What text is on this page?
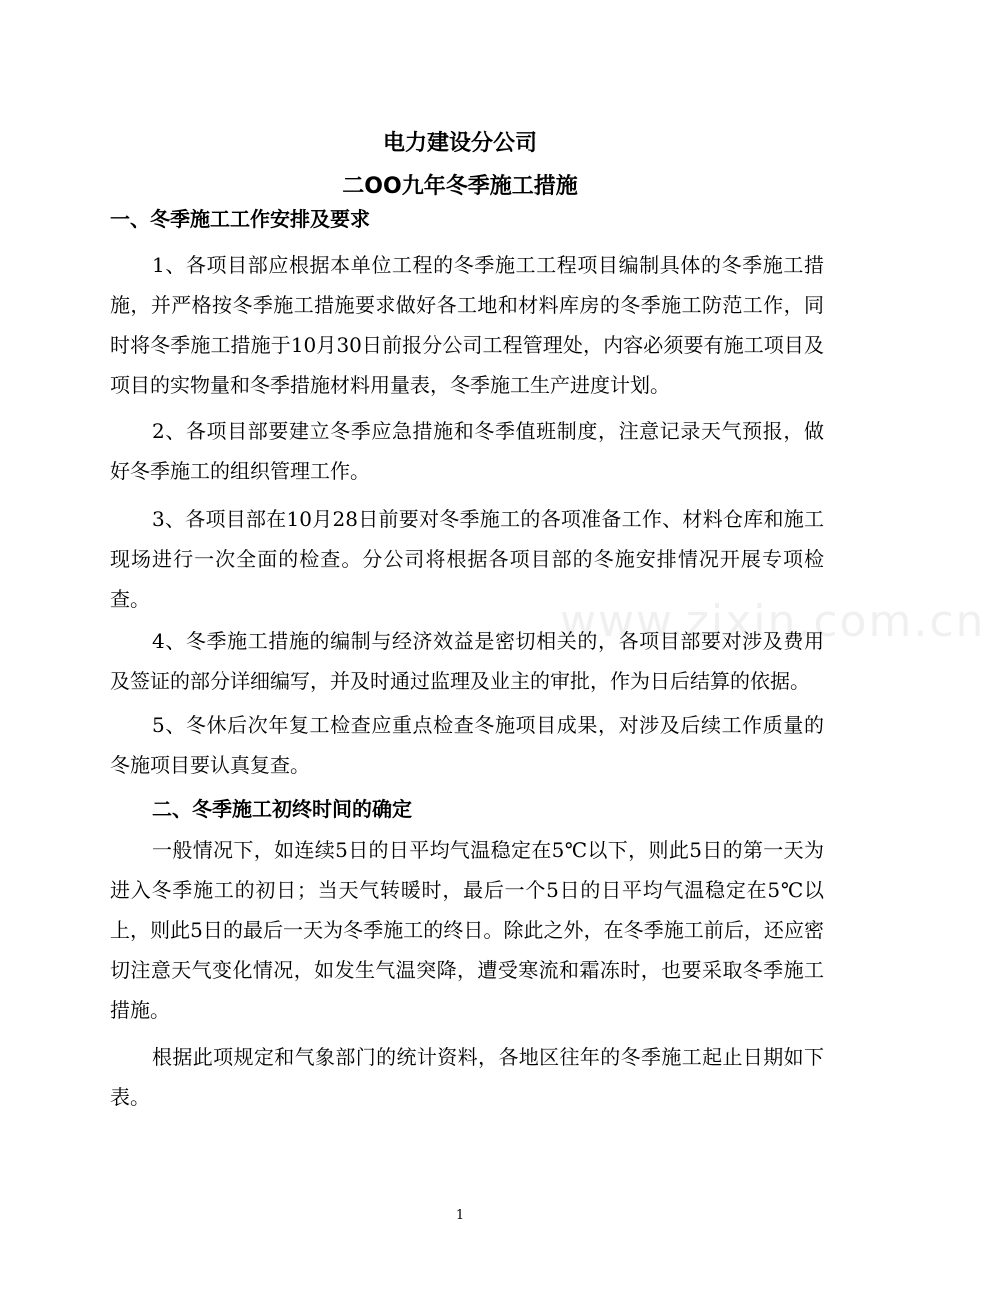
www.zixin.com.cn
电力建设分公司
二OO九年冬季施工措施
一、冬季施工工作安排及要求
1、各项目部应根据本单位工程的冬季施工工程项目编制具体的冬季施工措施，并严格按冬季施工措施要求做好各工地和材料库房的冬季施工防范工作，同时将冬季施工措施于10月30日前报分公司工程管理处，内容必须要有施工项目及项目的实物量和冬季措施材料用量表，冬季施工生产进度计划。
2、各项目部要建立冬季应急措施和冬季值班制度，注意记录天气预报，做好冬季施工的组织管理工作。
3、各项目部在10月28日前要对冬季施工的各项准备工作、材料仓库和施工现场进行一次全面的检查。分公司将根据各项目部的冬施安排情况开展专项检查。
4、冬季施工措施的编制与经济效益是密切相关的，各项目部要对涉及费用及签证的部分详细编写，并及时通过监理及业主的审批，作为日后结算的依据。
5、冬休后次年复工检查应重点检查冬施项目成果，对涉及后续工作质量的冬施项目要认真复查。
二、冬季施工初终时间的确定
一般情况下，如连续5日的日平均气温稳定在5℃以下，则此5日的第一天为进入冬季施工的初日；当天气转暖时，最后一个5日的日平均气温稳定在5℃以上，则此5日的最后一天为冬季施工的终日。除此之外，在冬季施工前后，还应密切注意天气变化情况，如发生气温突降，遭受寒流和霜冻时，也要采取冬季施工措施。
根据此项规定和气象部门的统计资料，各地区往年的冬季施工起止日期如下表。
1
